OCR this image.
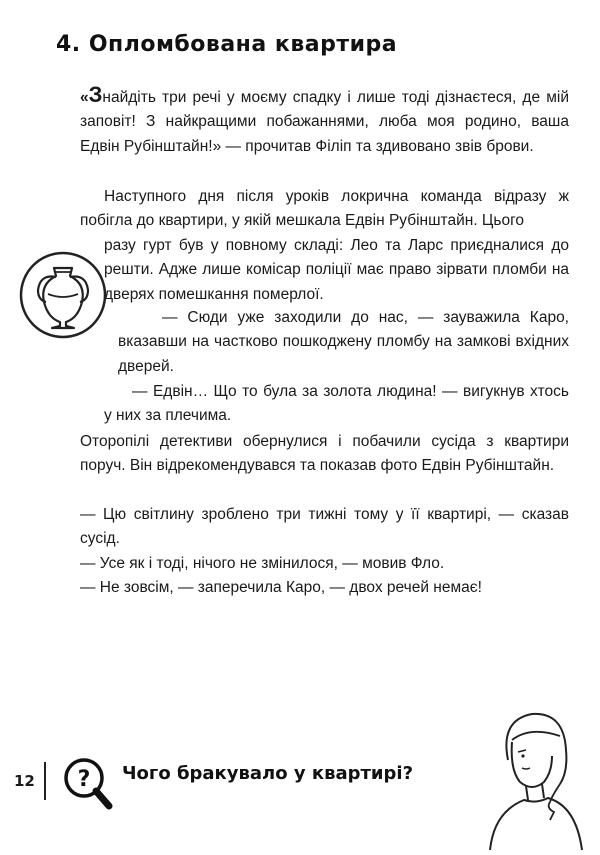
4. Опломбована квартира

«Знайдіть три речі у моєму спадку і лише тоді дізнаєтеся, де мій заповіт! З найкращими побажаннями, люба моя родино, ваша Едвін Рубінштайн!» — прочитав Філіп та здивовано звів брови.

Наступного дня після уроків локрична команда відразу ж побігла до квартири, у якій мешкала Едвін Рубінштайн. Цього

разу гурт був у повному складі: Лео та Ларс приєдналися до решти. Адже лише комісар поліції має право зірвати пломби на дверях помешкання померлої.

— Сюди уже заходили до нас, — зауважила Каро, вказавши на частково пошкоджену пломбу на замкові вхідних дверей.

— Едвін… Що то була за золота людина! — вигукнув хтось у них за плечима.

Оторопілі детективи обернулися і побачили сусіда з квартири поруч. Він відрекомендувався та показав фото Едвін Рубінштайн.

— Цю світлину зроблено три тижні тому у її квартирі, — сказав сусід.

— Усе як і тоді, нічого не змінилося, — мовив Фло.

— Не зовсім, — заперечила Каро, — двох речей немає!

12 ? Чого бракувало у квартирі?
